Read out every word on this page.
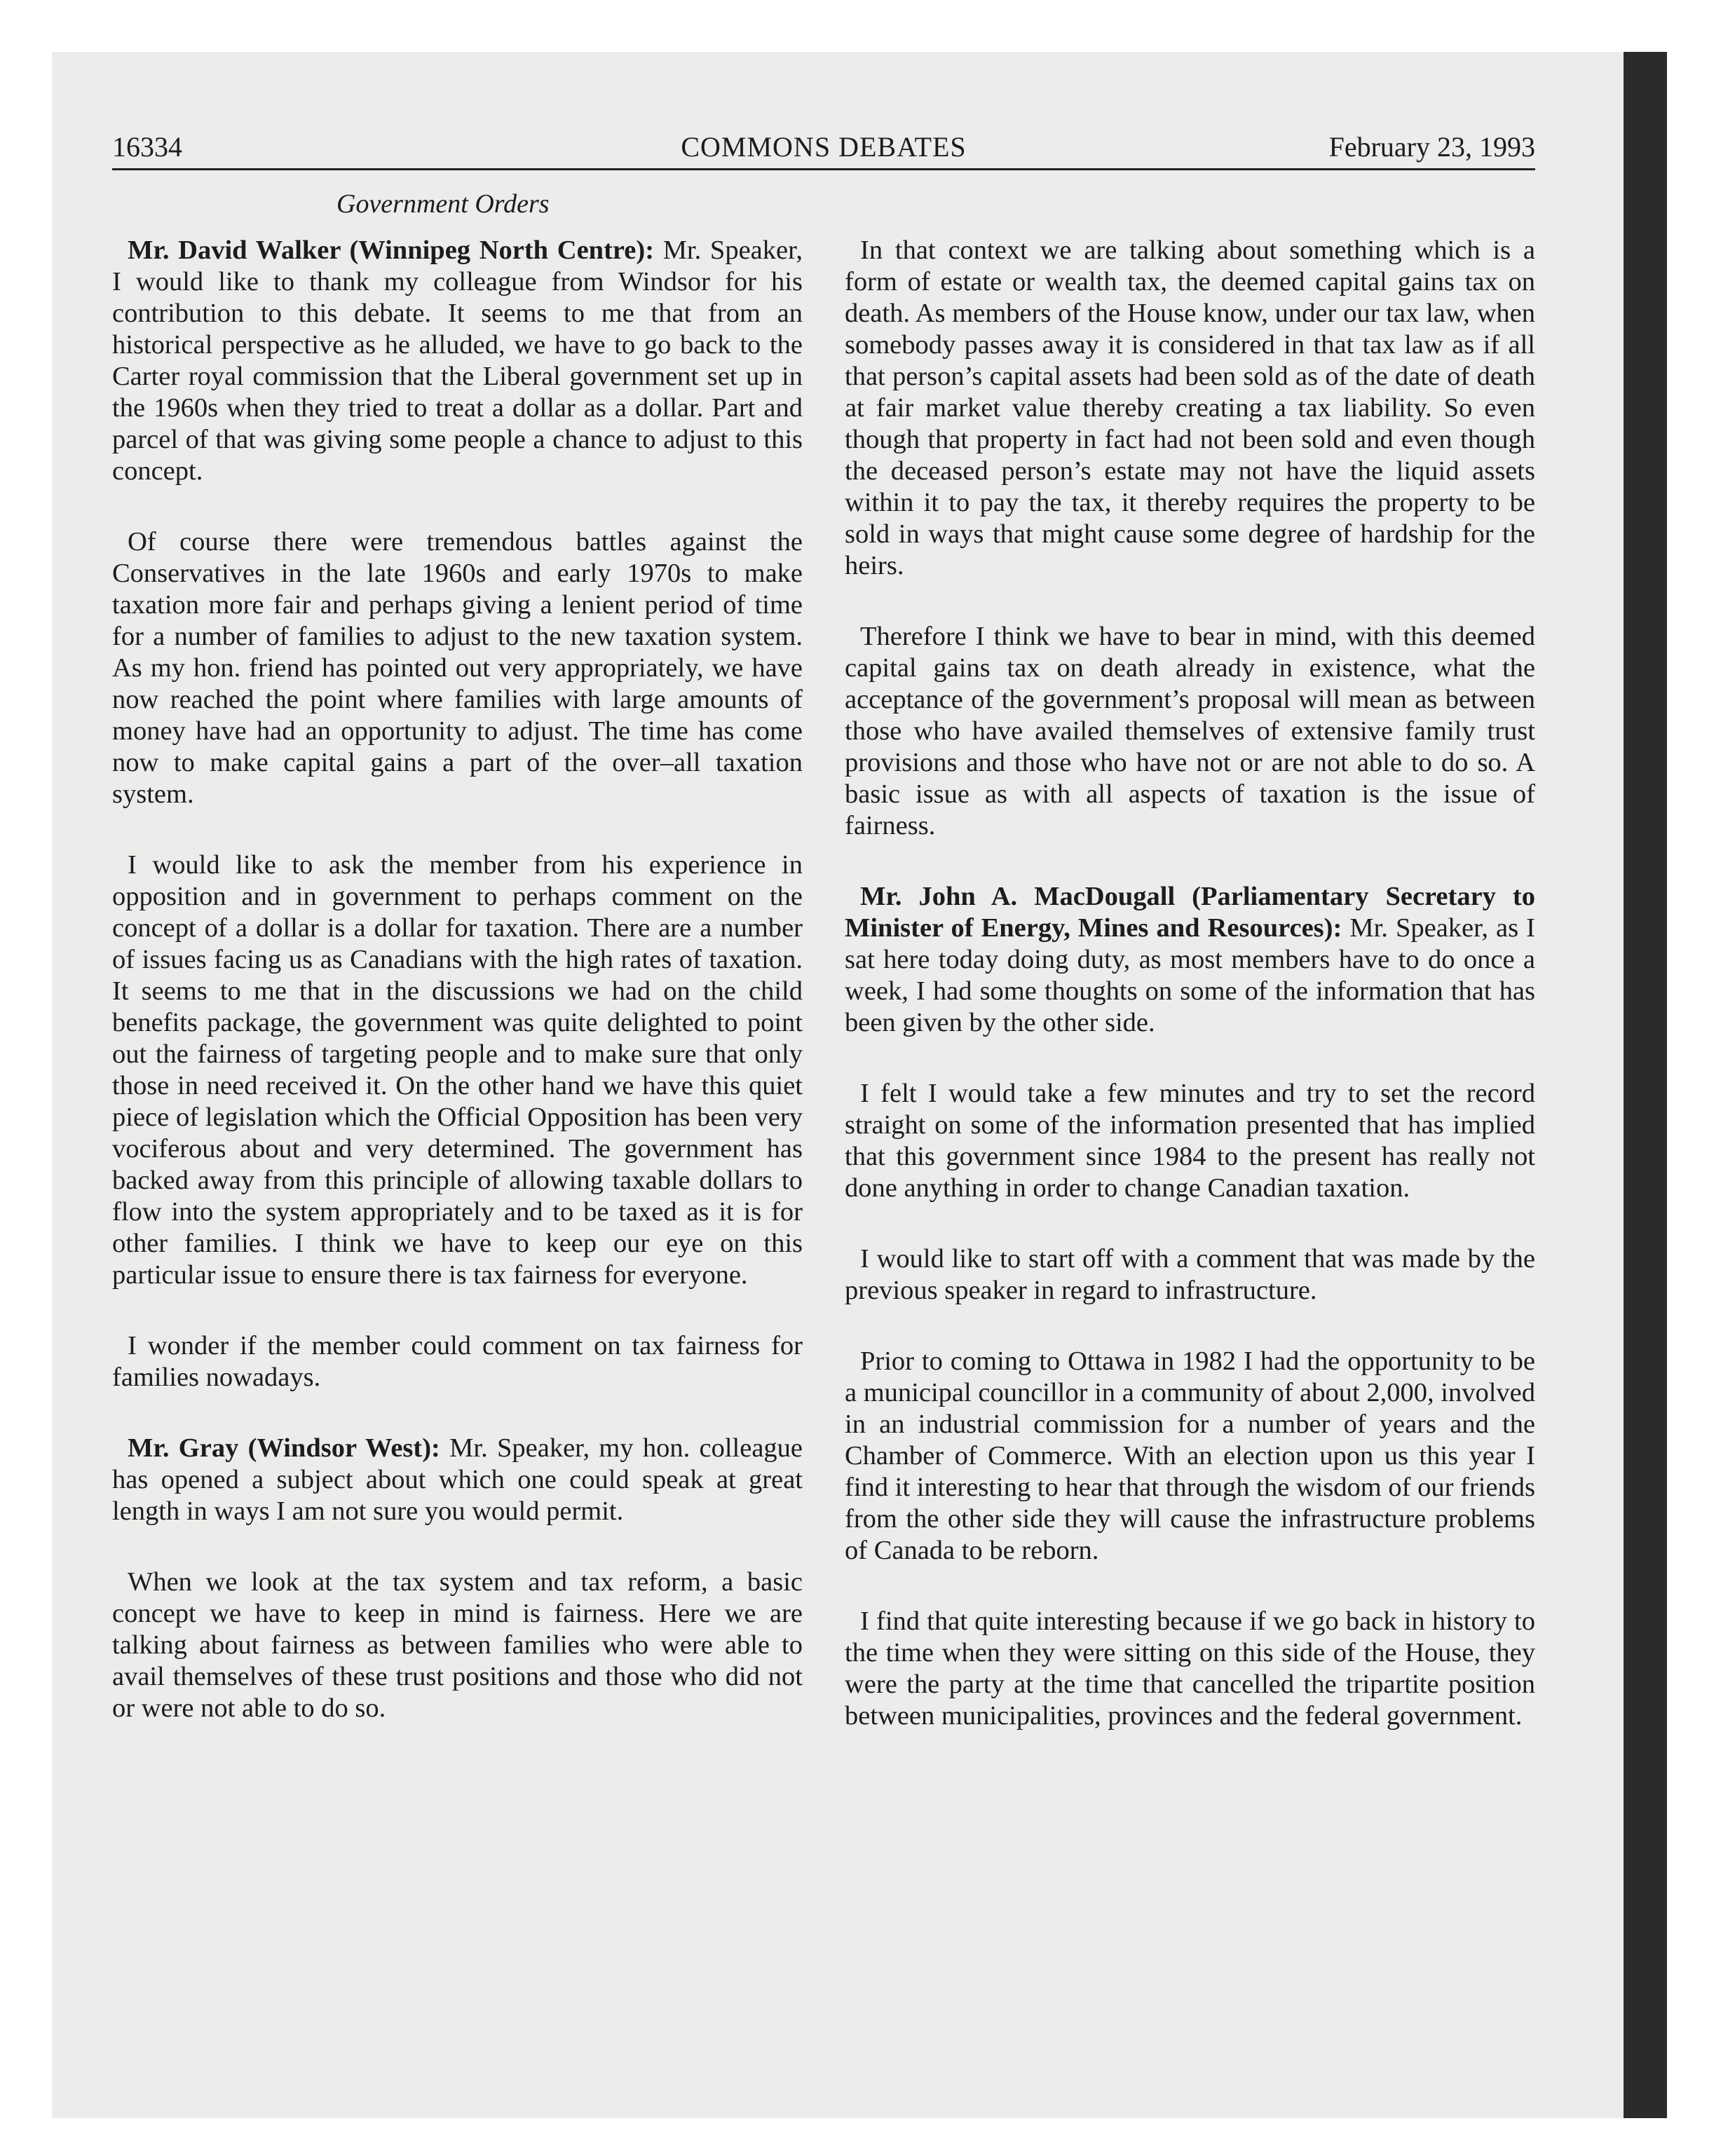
16334	COMMONS DEBATES	February 23, 1993
Government Orders

Mr. David Walker (Winnipeg North Centre): Mr. Speaker, I would like to thank my colleague from Windsor for his contribution to this debate. It seems to me that from an historical perspective as he alluded, we have to go back to the Carter royal commission that the Liberal government set up in the 1960s when they tried to treat a dollar as a dollar. Part and parcel of that was giving some people a chance to adjust to this concept.

Of course there were tremendous battles against the Conservatives in the late 1960s and early 1970s to make taxation more fair and perhaps giving a lenient period of time for a number of families to adjust to the new taxation system. As my hon. friend has pointed out very appropriately, we have now reached the point where families with large amounts of money have had an opportunity to adjust. The time has come now to make capital gains a part of the over–all taxation system.

I would like to ask the member from his experience in opposition and in government to perhaps comment on the concept of a dollar is a dollar for taxation. There are a number of issues facing us as Canadians with the high rates of taxation. It seems to me that in the discussions we had on the child benefits package, the government was quite delighted to point out the fairness of targeting people and to make sure that only those in need received it. On the other hand we have this quiet piece of legislation which the Official Opposition has been very vociferous about and very determined. The government has backed away from this principle of allowing taxable dollars to flow into the system appropriately and to be taxed as it is for other families. I think we have to keep our eye on this particular issue to ensure there is tax fairness for everyone.

I wonder if the member could comment on tax fairness for families nowadays.

Mr. Gray (Windsor West): Mr. Speaker, my hon. colleague has opened a subject about which one could speak at great length in ways I am not sure you would permit.

When we look at the tax system and tax reform, a basic concept we have to keep in mind is fairness. Here we are talking about fairness as between families who were able to avail themselves of these trust positions and those who did not or were not able to do so.

In that context we are talking about something which is a form of estate or wealth tax, the deemed capital gains tax on death. As members of the House know, under our tax law, when somebody passes away it is considered in that tax law as if all that person’s capital assets had been sold as of the date of death at fair market value thereby creating a tax liability. So even though that property in fact had not been sold and even though the deceased person’s estate may not have the liquid assets within it to pay the tax, it thereby requires the property to be sold in ways that might cause some degree of hardship for the heirs.

Therefore I think we have to bear in mind, with this deemed capital gains tax on death already in existence, what the acceptance of the government’s proposal will mean as between those who have availed themselves of extensive family trust provisions and those who have not or are not able to do so. A basic issue as with all aspects of taxation is the issue of fairness.

Mr. John A. MacDougall (Parliamentary Secretary to Minister of Energy, Mines and Resources): Mr. Speaker, as I sat here today doing duty, as most members have to do once a week, I had some thoughts on some of the information that has been given by the other side.

I felt I would take a few minutes and try to set the record straight on some of the information presented that has implied that this government since 1984 to the present has really not done anything in order to change Canadian taxation.

I would like to start off with a comment that was made by the previous speaker in regard to infrastructure.

Prior to coming to Ottawa in 1982 I had the opportunity to be a municipal councillor in a community of about 2,000, involved in an industrial commission for a number of years and the Chamber of Commerce. With an election upon us this year I find it interesting to hear that through the wisdom of our friends from the other side they will cause the infrastructure problems of Canada to be reborn.

I find that quite interesting because if we go back in history to the time when they were sitting on this side of the House, they were the party at the time that cancelled the tripartite position between municipalities, provinces and the federal government.
